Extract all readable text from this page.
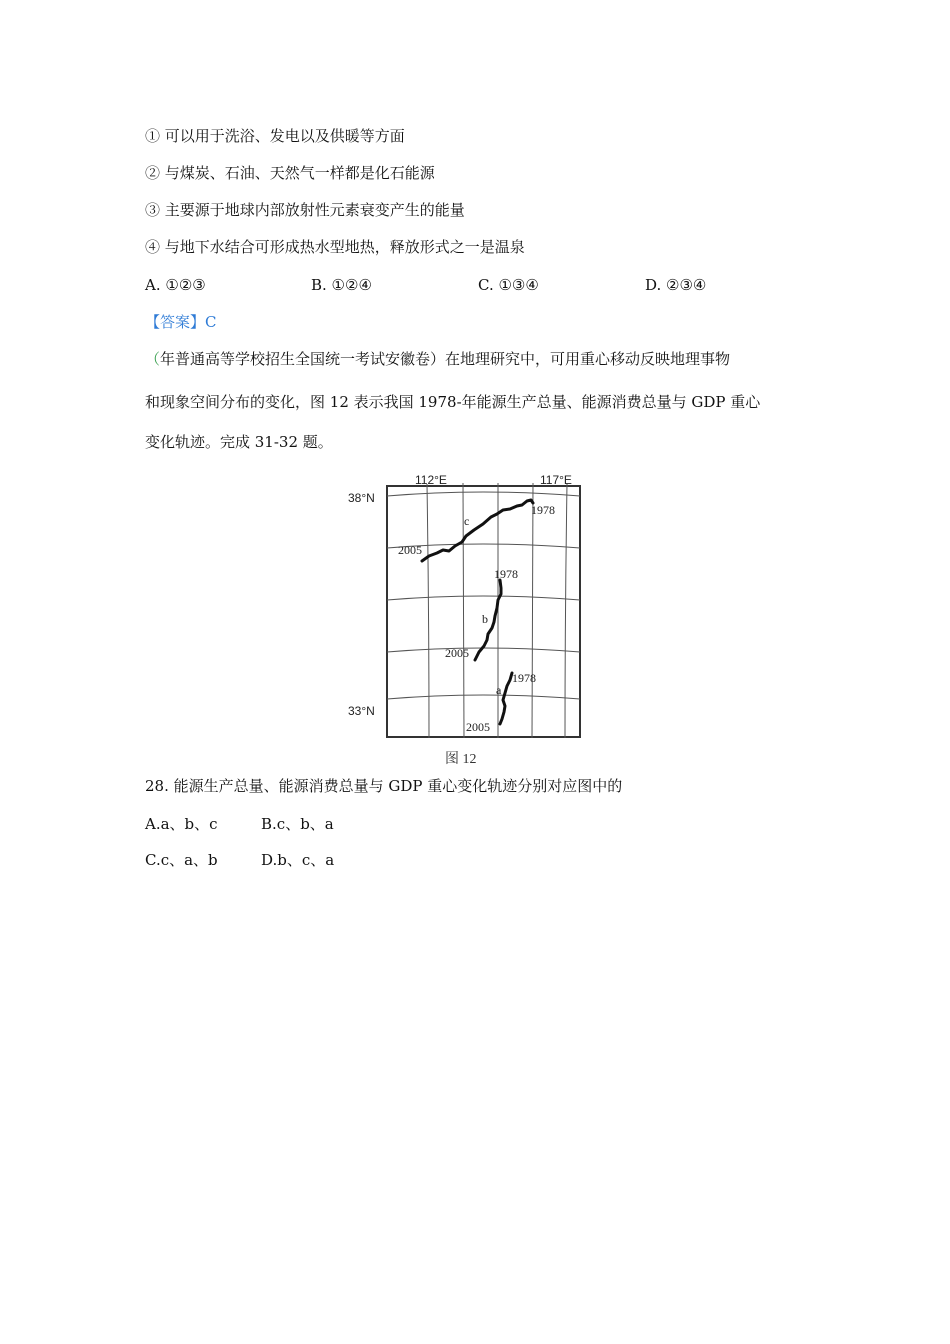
① 可以用于洗浴、发电以及供暖等方面
② 与煤炭、石油、天然气一样都是化石能源
③ 主要源于地球内部放射性元素衰变产生的能量
④ 与地下水结合可形成热水型地热，释放形式之一是温泉
A. ①②③	B. ①②④	C. ①③④	D. ②③④
【答案】C
（年普通高等学校招生全国统一考试安徽卷）在地理研究中，可用重心移动反映地理事物
和现象空间分布的变化，图 12 表示我国 1978-年能源生产总量、能源消费总量与 GDP 重心
变化轨迹。完成 31-32 题。
112°E	117°E
38°N
33°N
c
1978
2005
b
1978
2005
a
1978
2005
图 12
28. 能源生产总量、能源消费总量与 GDP 重心变化轨迹分别对应图中的
A.a、b、c	B.c、b、a
C.c、a、b	D.b、c、a
